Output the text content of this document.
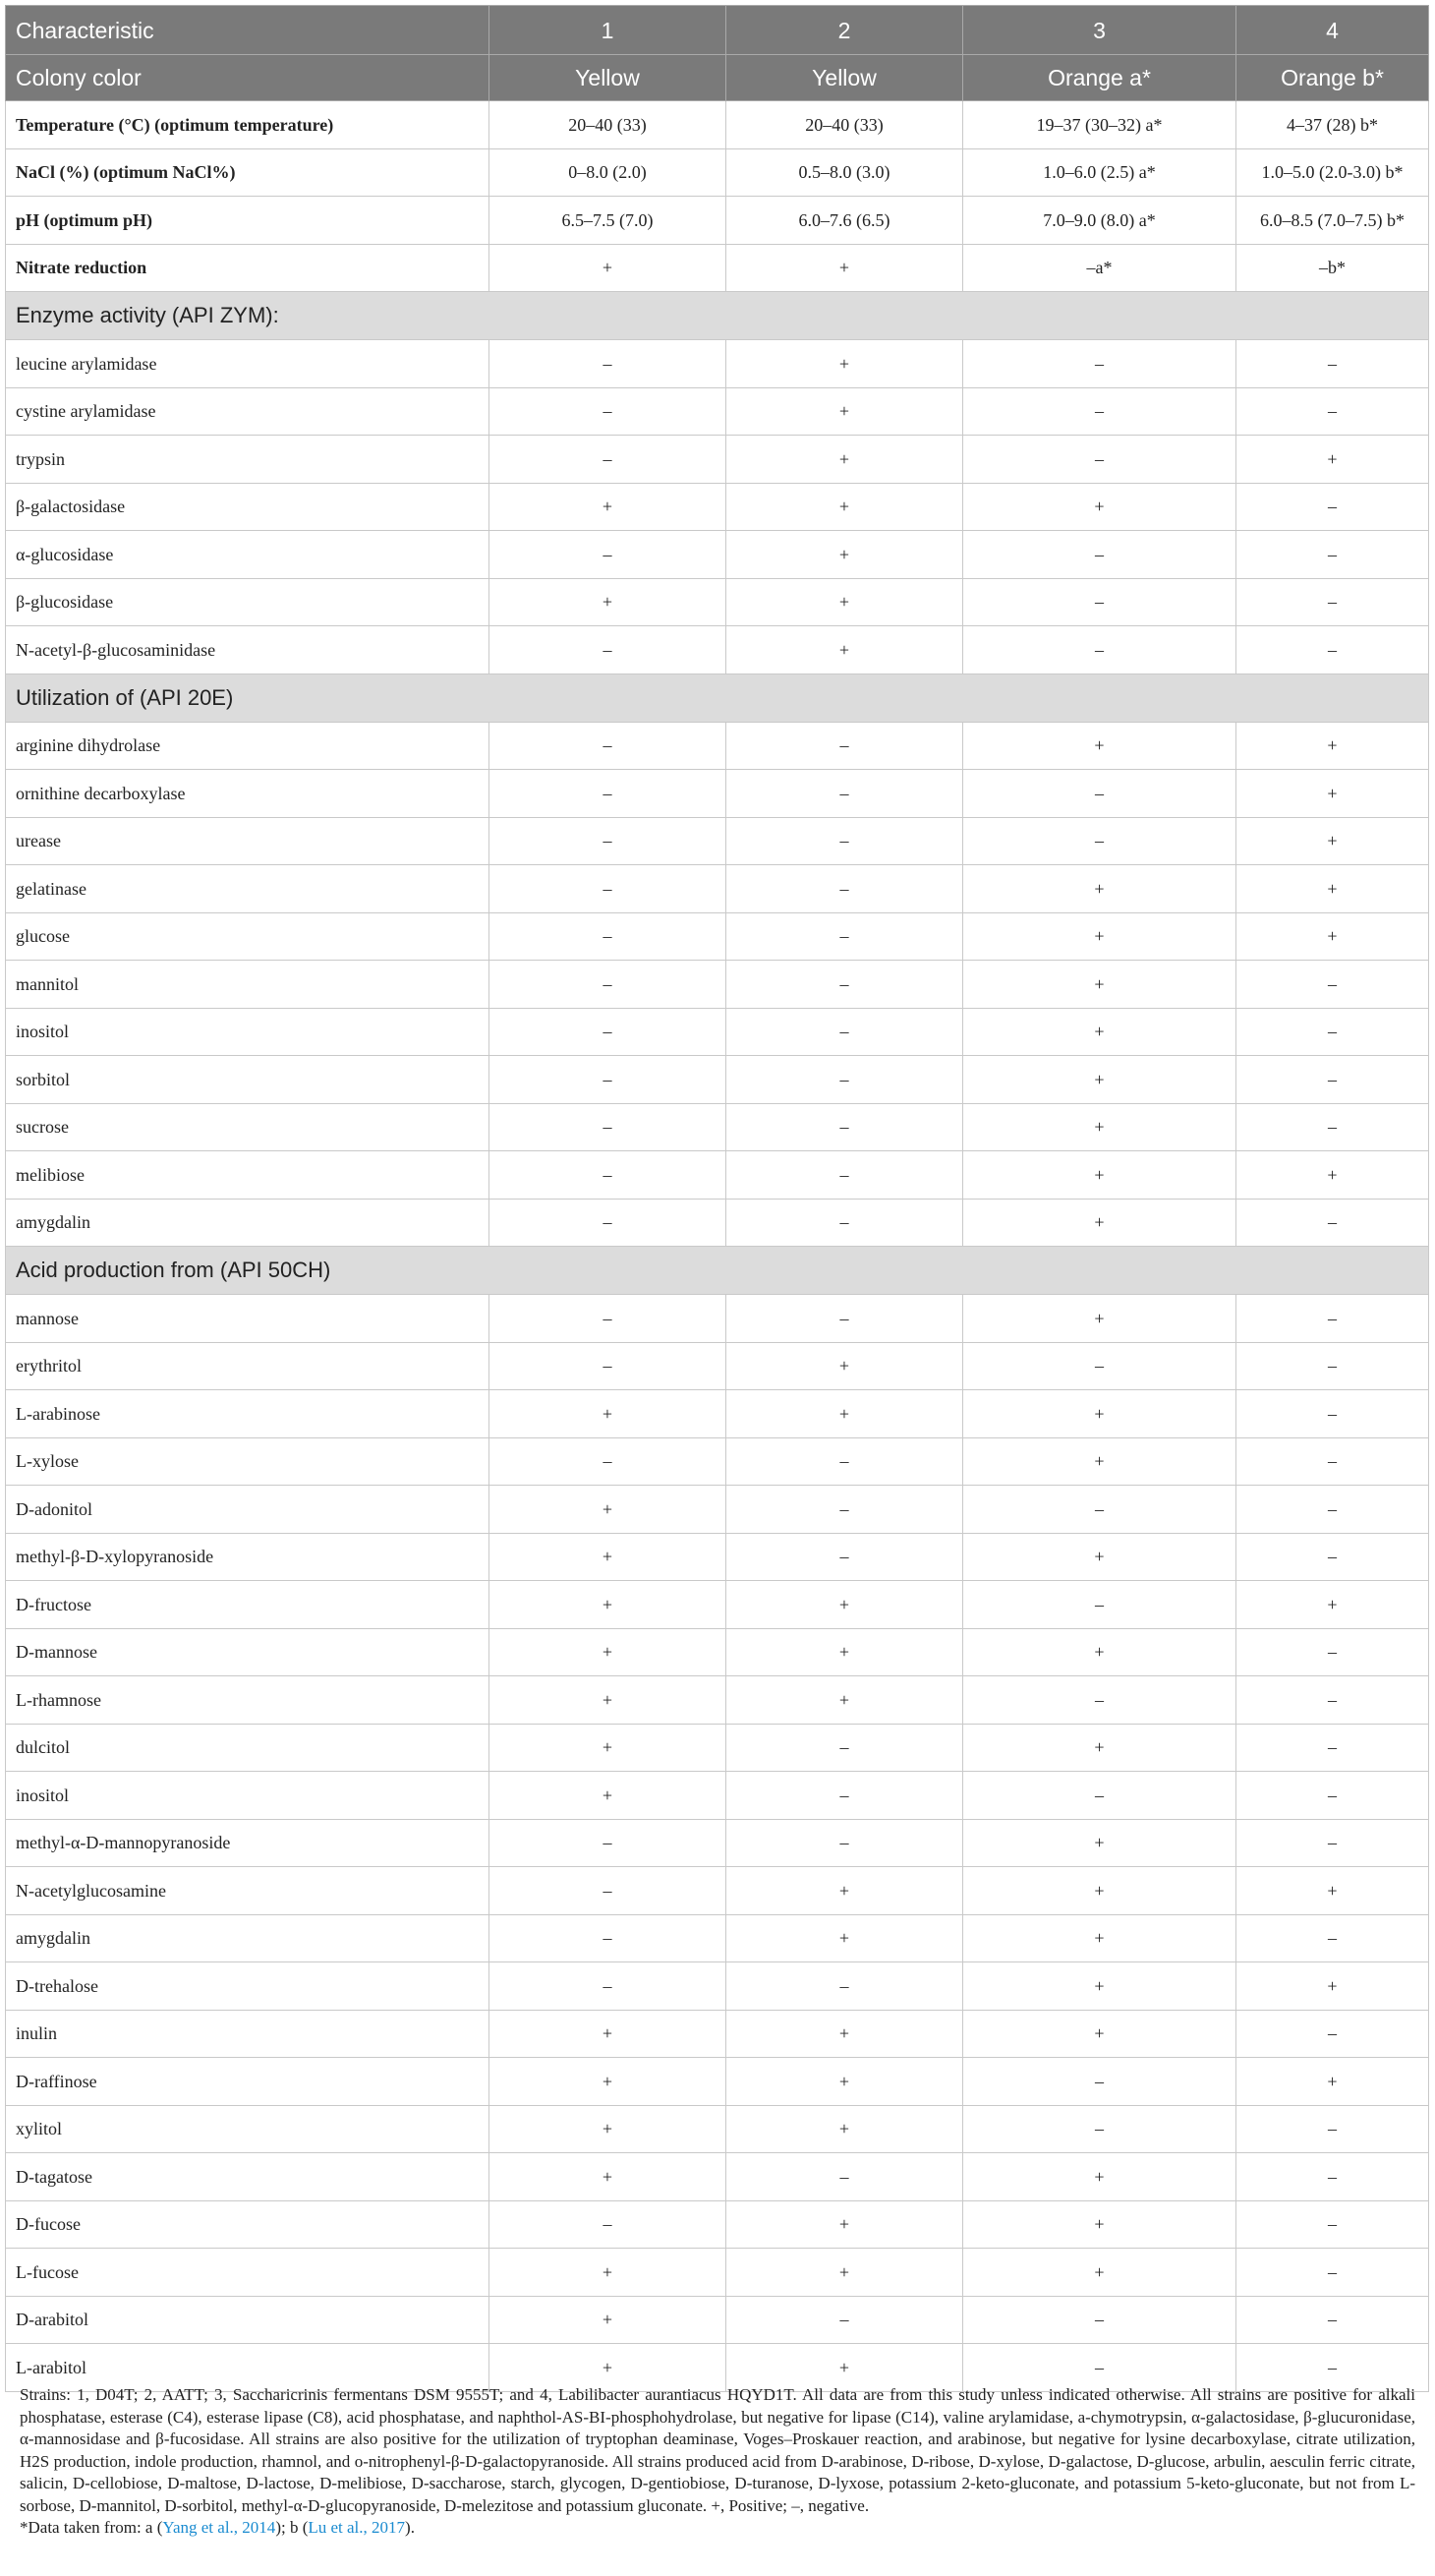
Characteristic	1	2	3	4
Colony color	Yellow	Yellow	Orange a*	Orange b*
Temperature (°C) (optimum temperature)	20–40 (33)	20–40 (33)	19–37 (30–32) a*	4–37 (28) b*
NaCl (%) (optimum NaCl%)	0–8.0 (2.0)	0.5–8.0 (3.0)	1.0–6.0 (2.5) a*	1.0–5.0 (2.0-3.0) b*
pH (optimum pH)	6.5–7.5 (7.0)	6.0–7.6 (6.5)	7.0–9.0 (8.0) a*	6.0–8.5 (7.0–7.5) b*
Nitrate reduction	+	+	–a*	–b*
Enzyme activity (API ZYM):				
leucine arylamidase	–	+	–	–
cystine arylamidase	–	+	–	–
trypsin	–	+	–	+
β-galactosidase	+	+	+	–
α-glucosidase	–	+	–	–
β-glucosidase	+	+	–	–
N-acetyl-β-glucosaminidase	–	+	–	–
Utilization of (API 20E)				
arginine dihydrolase	–	–	+	+
ornithine decarboxylase	–	–	–	+
urease	–	–	–	+
gelatinase	–	–	+	+
glucose	–	–	+	+
mannitol	–	–	+	–
inositol	–	–	+	–
sorbitol	–	–	+	–
sucrose	–	–	+	–
melibiose	–	–	+	+
amygdalin	–	–	+	–
Acid production from (API 50CH)				
mannose	–	–	+	–
erythritol	–	+	–	–
L-arabinose	+	+	+	–
L-xylose	–	–	+	–
D-adonitol	+	–	–	–
methyl-β-D-xylopyranoside	+	–	+	–
D-fructose	+	+	–	+
D-mannose	+	+	+	–
L-rhamnose	+	+	–	–
dulcitol	+	–	+	–
inositol	+	–	–	–
methyl-α-D-mannopyranoside	–	–	+	–
N-acetylglucosamine	–	+	+	+
amygdalin	–	+	+	–
D-trehalose	–	–	+	+
inulin	+	+	+	–
D-raffinose	+	+	–	+
xylitol	+	+	–	–
D-tagatose	+	–	+	–
D-fucose	–	+	+	–
L-fucose	+	+	+	–
D-arabitol	+	–	–	–
L-arabitol	+	+	–	–

Strains: 1, D04T; 2, AATT; 3, Saccharicrinis fermentans DSM 9555T; and 4, Labilibacter aurantiacus HQYD1T. All data are from this study unless indicated otherwise. All strains are positive for alkali phosphatase, esterase (C4), esterase lipase (C8), acid phosphatase, and naphthol-AS-BI-phosphohydrolase, but negative for lipase (C14), valine arylamidase, a-chymotrypsin, α-galactosidase, β-glucuronidase, α-mannosidase and β-fucosidase. All strains are also positive for the utilization of tryptophan deaminase, Voges–Proskauer reaction, and arabinose, but negative for lysine decarboxylase, citrate utilization, H2S production, indole production, rhamnol, and o-nitrophenyl-β-D-galactopyranoside. All strains produced acid from D-arabinose, D-ribose, D-xylose, D-galactose, D-glucose, arbulin, aesculin ferric citrate, salicin, D-cellobiose, D-maltose, D-lactose, D-melibiose, D-saccharose, starch, glycogen, D-gentiobiose, D-turanose, D-lyxose, potassium 2-keto-gluconate, and potassium 5-keto-gluconate, but not from L-sorbose, D-mannitol, D-sorbitol, methyl-α-D-glucopyranoside, D-melezitose and potassium gluconate. +, Positive; –, negative.

*Data taken from: a (Yang et al., 2014); b (Lu et al., 2017).
